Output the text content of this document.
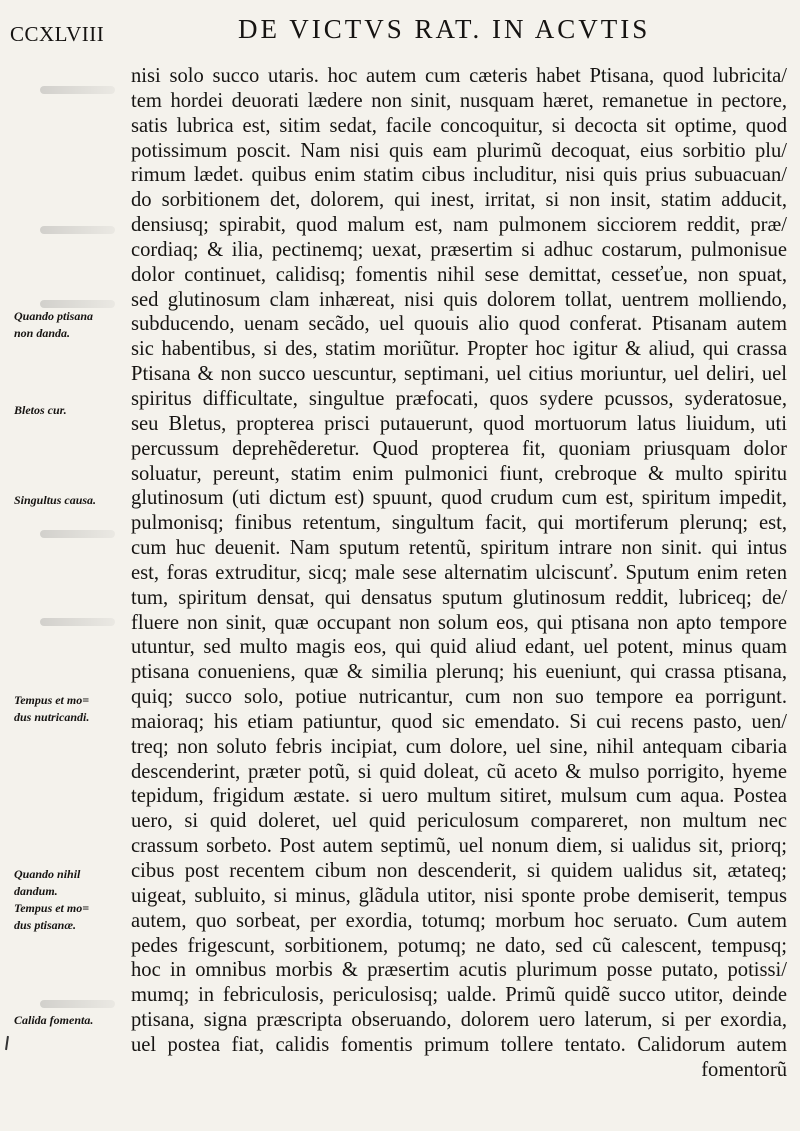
CCXLVIII	DE VICTVS RAT. IN ACVTIS
Quando ptisana
non danda.
Bletos cur.
Singultus causa.
Tempus et mo=
dus nutricandi.
Quando nihil
dandum.
Tempus et mo=
dus ptisanæ.
Calida fomenta.
nisi solo succo utaris. hoc autem cum cæteris habet Ptisana, quod lubricita/
tem hordei deuorati lædere non sinit, nusquam hæret, remanetue in pectore,
satis lubrica est, sitim sedat, facile concoquitur, si decocta sit optime, quod
potissimum poscit. Nam nisi quis eam plurimũ decoquat, eius sorbitio plu/
rimum lædet. quibus enim statim cibus includitur, nisi quis prius subuacuan/
do sorbitionem det, dolorem, qui inest, irritat, si non insit, statim adducit,
densiusq; spirabit, quod malum est, nam pulmonem sicciorem reddit, præ/
cordiaq; & ilia, pectinemq; uexat, præsertim si adhuc costarum, pulmonisue
dolor continuet, calidisq; fomentis nihil sese demittat, cesseťue, non spuat,
sed glutinosum clam inhæreat, nisi quis dolorem tollat, uentrem molliendo,
subducendo, uenam secãdo, uel quouis alio quod conferat. Ptisanam autem
sic habentibus, si des, statim moriũtur. Propter hoc igitur & aliud, qui crassa
Ptisana & non succo uescuntur, septimani, uel citius moriuntur, uel deliri, uel
spiritus difficultate, singultue præfocati, quos sydere pcussos, syderatosue,
seu Bletus, propterea prisci putauerunt, quod mortuorum latus liuidum, uti
percussum deprehẽderetur. Quod propterea fit, quoniam priusquam dolor
soluatur, pereunt, statim enim pulmonici fiunt, crebroque & multo spiritu
glutinosum (uti dictum est) spuunt, quod crudum cum est, spiritum impedit,
pulmonisq; finibus retentum, singultum facit, qui mortiferum plerunq; est,
cum huc deuenit. Nam sputum retentũ, spiritum intrare non sinit. qui intus
est, foras extruditur, sicq; male sese alternatim ulciscunť. Sputum enim reten
tum, spiritum densat, qui densatus sputum glutinosum reddit, lubriceq; de/
fluere non sinit, quæ occupant non solum eos, qui ptisana non apto tempore
utuntur, sed multo magis eos, qui quid aliud edant, uel potent, minus quam
ptisana conueniens, quæ & similia plerunq; his eueniunt, qui crassa ptisana,
quiq; succo solo, potiue nutricantur, cum non suo tempore ea porrigunt.
maioraq; his etiam patiuntur, quod sic emendato. Si cui recens pasto, uen/
treq; non soluto febris incipiat, cum dolore, uel sine, nihil antequam cibaria
descenderint, præter potũ, si quid doleat, cũ aceto & mulso porrigito, hyeme
tepidum, frigidum æstate. si uero multum sitiret, mulsum cum aqua. Postea
uero, si quid doleret, uel quid periculosum compareret, non multum nec
crassum sorbeto. Post autem septimũ, uel nonum diem, si ualidus sit, priorq;
cibus post recentem cibum non descenderit, si quidem ualidus sit, ætateq;
uigeat, subluito, si minus, glãdula utitor, nisi sponte probe demiserit, tempus
autem, quo sorbeat, per exordia, totumq; morbum hoc seruato. Cum autem
pedes frigescunt, sorbitionem, potumq; ne dato, sed cũ calescent, tempusq;
hoc in omnibus morbis & præsertim acutis plurimum posse putato, potissi/
mumq; in febriculosis, periculosisq; ualde. Primũ quidẽ succo utitor, deinde
ptisana, signa præscripta obseruando, dolorem uero laterum, si per exordia,
uel postea fiat, calidis fomentis primum tollere tentato. Calidorum autem
fomentorũ
